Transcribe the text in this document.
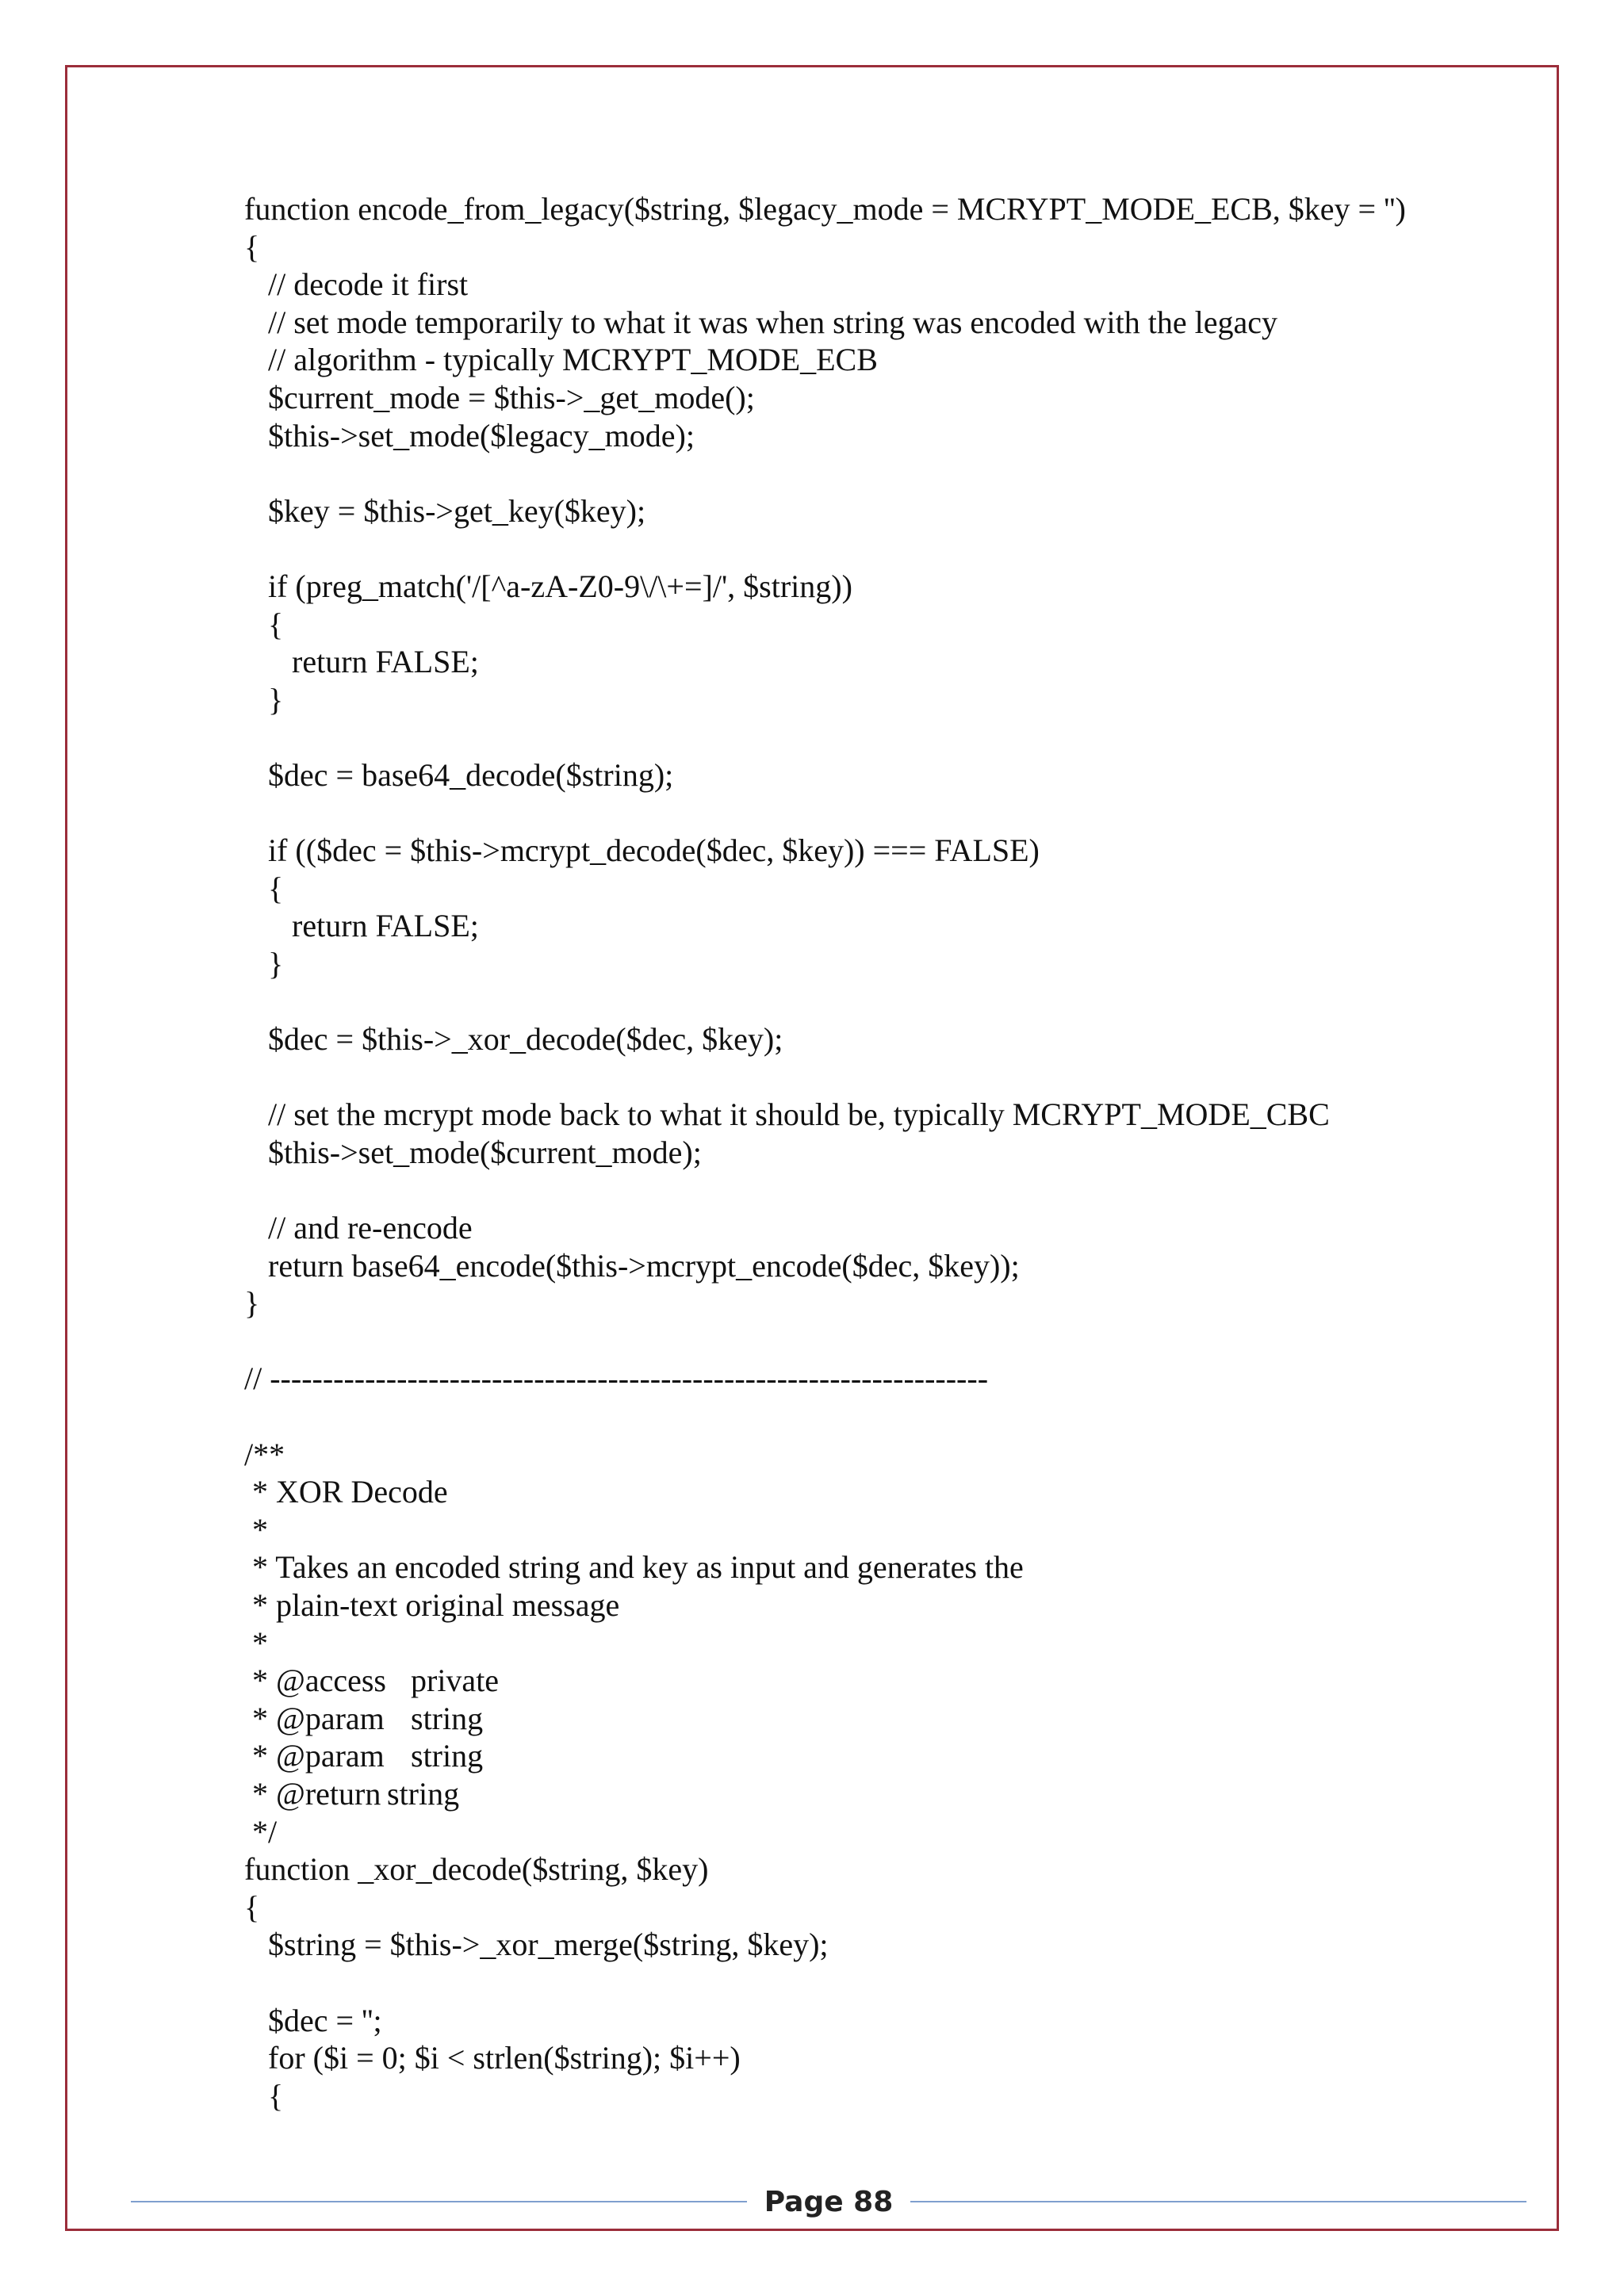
function encode_from_legacy($string, $legacy_mode = MCRYPT_MODE_ECB, $key = '')
{
	// decode it first
	// set mode temporarily to what it was when string was encoded with the legacy
	// algorithm - typically MCRYPT_MODE_ECB
	$current_mode = $this->_get_mode();
	$this->set_mode($legacy_mode);
	$key = $this->get_key($key);
	if (preg_match('/[^a-zA-Z0-9\/\+=]/', $string))
	{
		return FALSE;
	}
	$dec = base64_decode($string);
	if (($dec = $this->mcrypt_decode($dec, $key)) === FALSE)
	{
		return FALSE;
	}
	$dec = $this->_xor_decode($dec, $key);
	// set the mcrypt mode back to what it should be, typically MCRYPT_MODE_CBC
	$this->set_mode($current_mode);
	// and re-encode
	return base64_encode($this->mcrypt_encode($dec, $key));
}
// --------------------------------------------------------------------
/**
* XOR Decode
*
* Takes an encoded string and key as input and generates the
* plain-text original message
*
* @access	private
* @param	string
* @param	string
* @return	string
*/
function _xor_decode($string, $key)
{
	$string = $this->_xor_merge($string, $key);
	$dec = '';
	for ($i = 0; $i < strlen($string); $i++)
	{
Page 88
